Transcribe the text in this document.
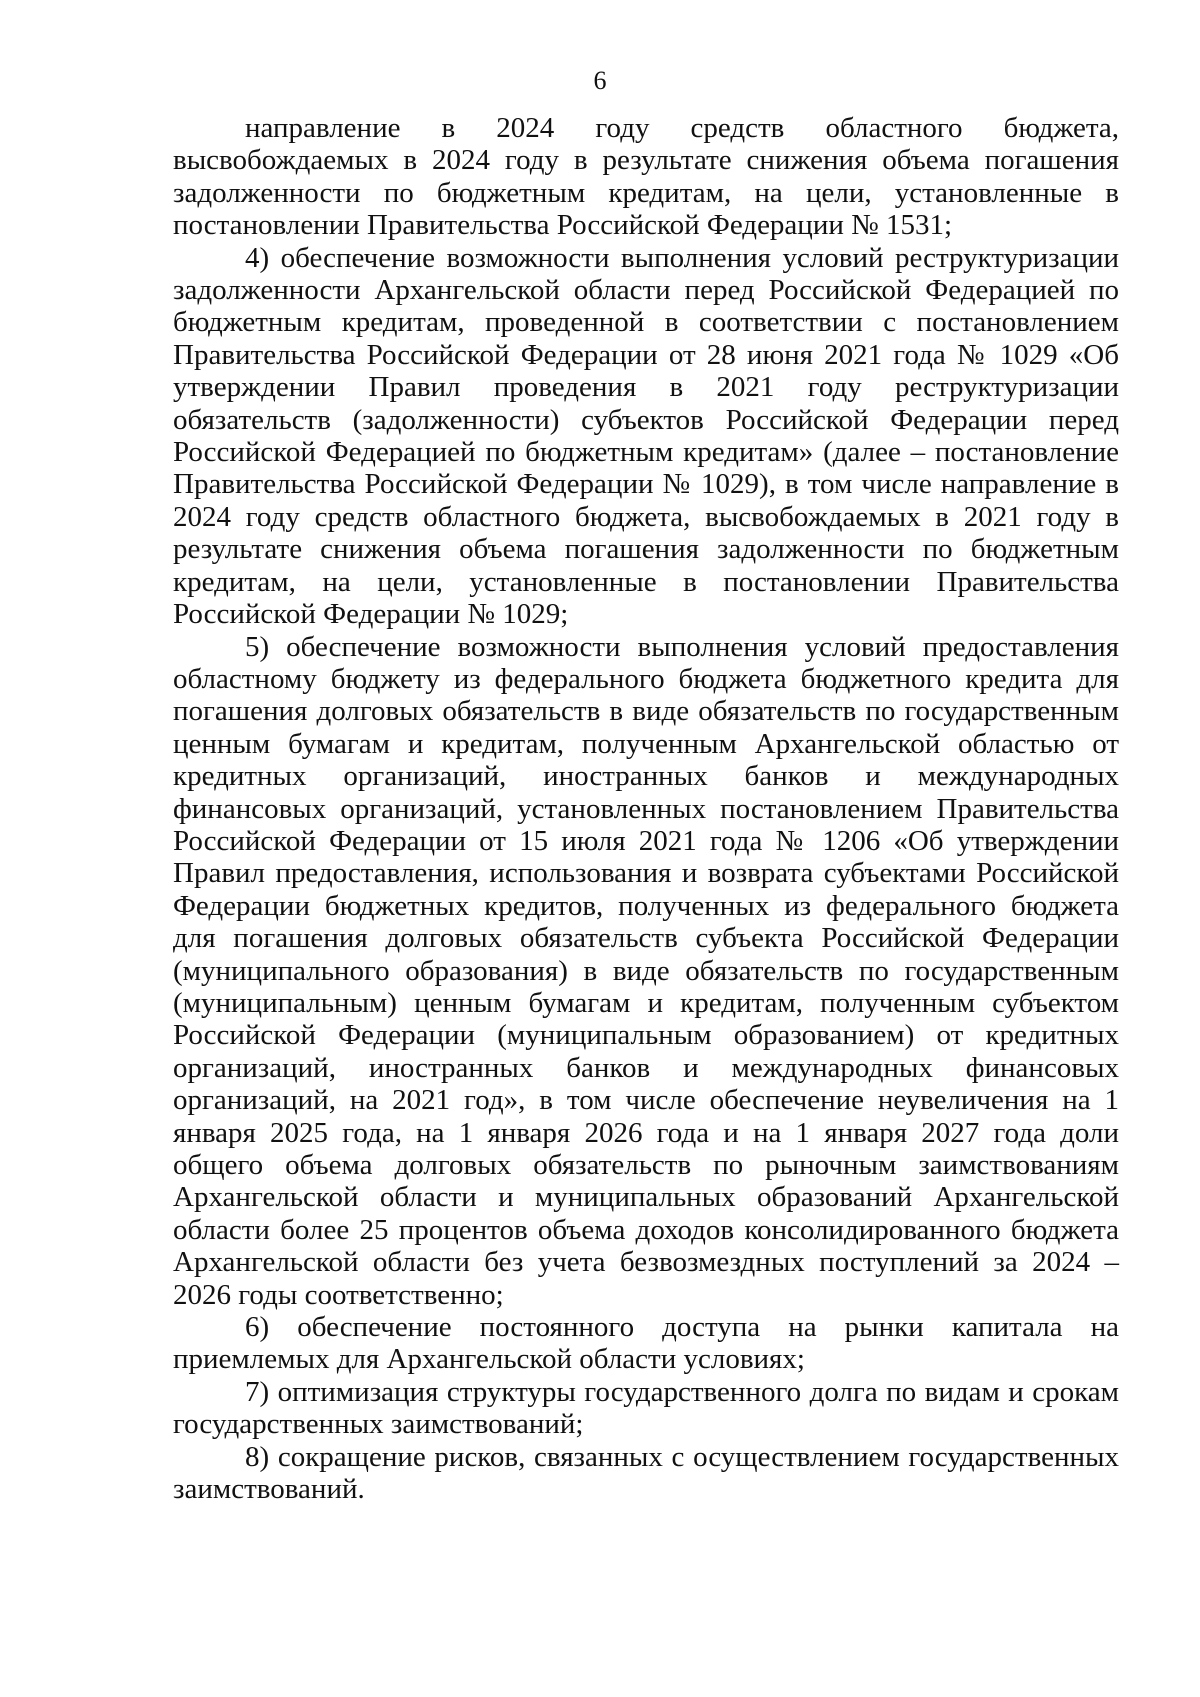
6

направление в 2024 году средств областного бюджета, высвобождаемых в 2024 году в результате снижения объема погашения задолженности по бюджетным кредитам, на цели, установленные в постановлении Правительства Российской Федерации № 1531;

4) обеспечение возможности выполнения условий реструктуризации задолженности Архангельской области перед Российской Федерацией по бюджетным кредитам, проведенной в соответствии с постановлением Правительства Российской Федерации от 28 июня 2021 года № 1029 «Об утверждении Правил проведения в 2021 году реструктуризации обязательств (задолженности) субъектов Российской Федерации перед Российской Федерацией по бюджетным кредитам» (далее – постановление Правительства Российской Федерации № 1029), в том числе направление в 2024 году средств областного бюджета, высвобождаемых в 2021 году в результате снижения объема погашения задолженности по бюджетным кредитам, на цели, установленные в постановлении Правительства Российской Федерации № 1029;

5) обеспечение возможности выполнения условий предоставления областному бюджету из федерального бюджета бюджетного кредита для погашения долговых обязательств в виде обязательств по государственным ценным бумагам и кредитам, полученным Архангельской областью от кредитных организаций, иностранных банков и международных финансовых организаций, установленных постановлением Правительства Российской Федерации от 15 июля 2021 года № 1206 «Об утверждении Правил предоставления, использования и возврата субъектами Российской Федерации бюджетных кредитов, полученных из федерального бюджета для погашения долговых обязательств субъекта Российской Федерации (муниципального образования) в виде обязательств по государственным (муниципальным) ценным бумагам и кредитам, полученным субъектом Российской Федерации (муниципальным образованием) от кредитных организаций, иностранных банков и международных финансовых организаций, на 2021 год», в том числе обеспечение неувеличения на 1 января 2025 года, на 1 января 2026 года и на 1 января 2027 года доли общего объема долговых обязательств по рыночным заимствованиям Архангельской области и муниципальных образований Архангельской области более 25 процентов объема доходов консолидированного бюджета Архангельской области без учета безвозмездных поступлений за 2024 – 2026 годы соответственно;

6) обеспечение постоянного доступа на рынки капитала на приемлемых для Архангельской области условиях;

7) оптимизация структуры государственного долга по видам и срокам государственных заимствований;

8) сокращение рисков, связанных с осуществлением государственных заимствований.
